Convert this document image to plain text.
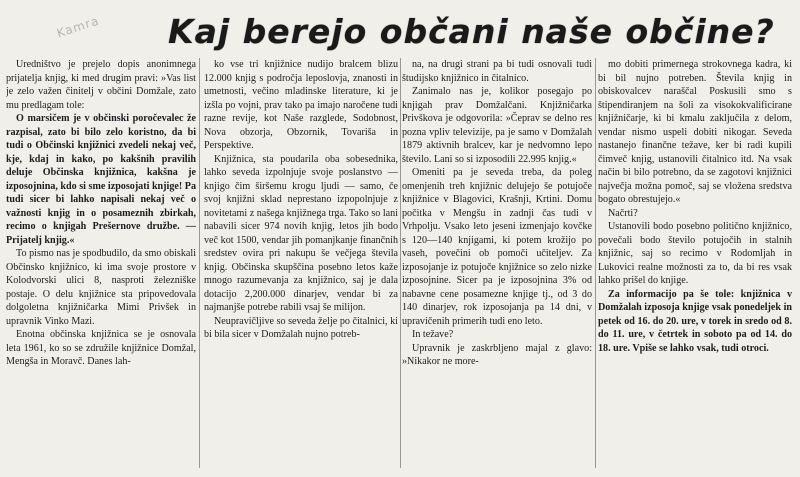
Kamra Kaj berejo občani naše občine?

Uredništvo je prejelo dopis anonimnega prijatelja knjig, ki med drugim pravi: »Vas list je zelo važen činitelj v občini Domžale, zato mu predlagam tole:

O marsičem je v občinski poročevalec že razpisal, zato bi bilo zelo koristno, da bi tudi o Občinski knjižnici zvedeli nekaj več, kje, kdaj in kako, po kakšnih pravilih deluje Občinska knjižnica, kakšna je izposojnina, kdo si sme izposojati knjige! Pa tudi sicer bi lahko napisali nekaj več o važnosti knjig in o posameznih zbirkah, recimo o knjigah Prešernove družbe. — Prijatelj knjig.«

To pismo nas je spodbudilo, da smo obiskali Občinsko knjižnico, ki ima svoje prostore v Kolodvorski ulici 8, nasproti železniške postaje. O delu knjižnice sta pripovedovala dolgoletna knjižničarka Mimi Privšek in upravnik Vinko Mazi.

Enotna občinska knjižnica se je osnovala leta 1961, ko so se združile knjižnice Domžal, Mengša in Moravč. Danes lah-

ko vse tri knjižnice nudijo bralcem blizu 12.000 knjig s področja leposlovja, znanosti in umetnosti, večino mladinske literature, ki je izšla po vojni, prav tako pa imajo naročene tudi razne revije, kot Naše razglede, Sodobnost, Nova obzorja, Obzornik, Tovariša in Perspektive.

Knjižnica, sta poudarila oba sobesednika, lahko seveda izpolnjuje svoje poslanstvo — knjigo čim širšemu krogu ljudi — samo, če svoj knjižni sklad neprestano izpopolnjuje z novitetami z našega knjižnega trga. Tako so lani nabavili sicer 974 novih knjig, letos jih bodo več kot 1500, vendar jih pomanjkanje finančnih sredstev ovira pri nakupu še večjega števila knjig. Občinska skupščina posebno letos kaže mnogo razumevanja za knjižnico, saj je dala dotacijo 2,200.000 dinarjev, vendar bi za najmanjše potrebe rabili vsaj še milijon.

Neupravičljive so seveda želje po čitalnici, ki bi bila sicer v Domžalah nujno potreb-

na, na drugi strani pa bi tudi osnovali tudi študijsko knjižnico in čitalnico.

Zanimalo nas je, kolikor posegajo po knjigah prav Domžalčani. Knjižničarka Privškova je odgovorila: »Čeprav se delno res pozna vpliv televizije, pa je samo v Domžalah 1879 aktivnih bralcev, kar je nedvomno lepo število. Lani so si izposodili 22.995 knjig.«

Omeniti pa je seveda treba, da poleg omenjenih treh knjižnic delujejo še potujoče knjižnice v Blagovici, Krašnji, Krtini. Domu počitka v Mengšu in zadnji čas tudi v Vrhpolju. Vsako leto jeseni izmenjajo kovčke s 120—140 knjigami, ki potem krožijo po vaseh, povečini ob pomoči učiteljev. Za izposojanje iz potujoče knjižnice so zelo nizke izposojnine. Sicer pa je izposojnina 3% od nabavne cene posamezne knjige tj., od 3 do 140 dinarjev, rok izposojanja pa 14 dni, v upravičenih primerih tudi eno leto.

In težave?

Upravnik je zaskrbljeno majal z glavo: »Nikakor ne more-

mo dobiti primernega strokovnega kadra, ki bi bil nujno potreben. Števila knjig in obiskovalcev naraščal Poskusili smo s štipendiranjem na šoli za visokokvalificirane knjižničarje, ki bi kmalu zaključila z delom, vendar nismo uspeli dobiti nikogar. Seveda nastanejo finančne težave, ker bi radi kupili čimveč knjig, ustanovili čitalnico itd. Na vsak način bi bilo potrebno, da se zagotovi knjižnici največja možna pomoč, saj se vložena sredstva bogato obrestujejo.«

Načrti?

Ustanovili bodo posebno politično knjižnico, povečali bodo število potujočih in stalnih knjižnic, saj so recimo v Rodomljah in Lukovici realne možnosti za to, da bi res vsak lahko prišel do knjige.

Za informacijo pa še tole: knjižnica v Domžalah izposoja knjige vsak ponedeljek in petek od 16. do 20. ure, v torek in sredo od 8. do 11. ure, v četrtek in soboto pa od 14. do 18. ure. Vpiše se lahko vsak, tudi otroci.
